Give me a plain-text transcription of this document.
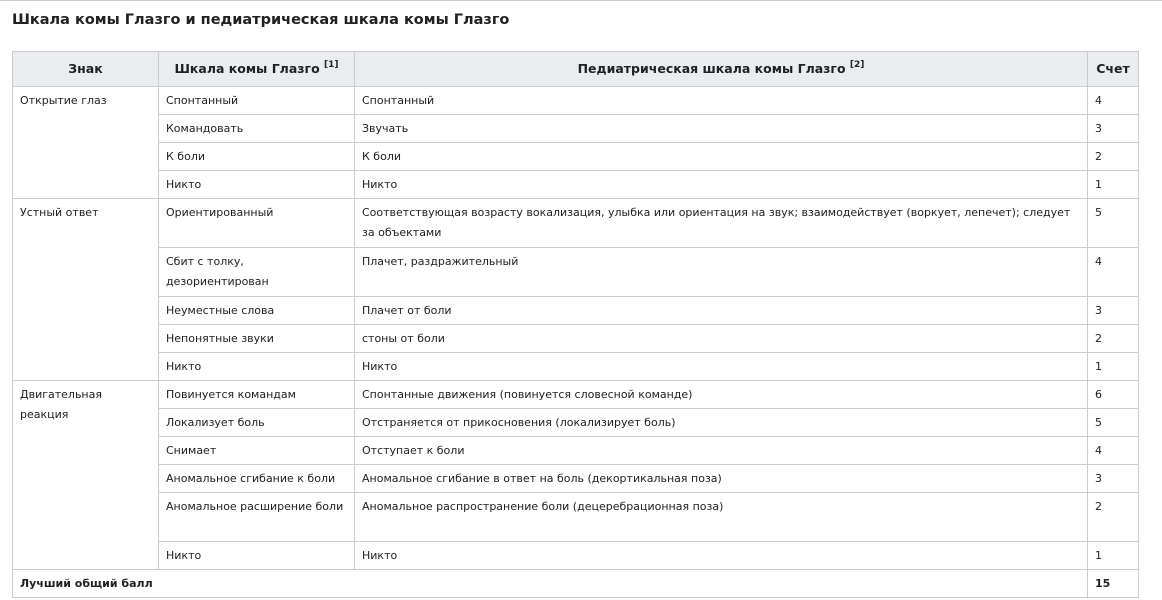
Шкала комы Глазго и педиатрическая шкала комы Глазго
Знак	Шкала комы Глазго [1]	Педиатрическая шкала комы Глазго [2]	Счет
Открытие глаз	Спонтанный	Спонтанный	4
	Командовать	Звучать	3
	К боли	К боли	2
	Никто	Никто	1
Устный ответ	Ориентированный	Соответствующая возрасту вокализация, улыбка или ориентация на звук; взаимодействует (воркует, лепечет); следует за объектами	5
	Сбит с толку, дезориентирован	Плачет, раздражительный	4
	Неуместные слова	Плачет от боли	3
	Непонятные звуки	стоны от боли	2
	Никто	Никто	1
Двигательная реакция	Повинуется командам	Спонтанные движения (повинуется словесной команде)	6
	Локализует боль	Отстраняется от прикосновения (локализирует боль)	5
	Снимает	Отступает к боли	4
	Аномальное сгибание к боли	Аномальное сгибание в ответ на боль (декортикальная поза)	3
	Аномальное расширение боли	Аномальное распространение боли (децеребрационная поза)	2
	Никто	Никто	1
Лучший общий балл			15
